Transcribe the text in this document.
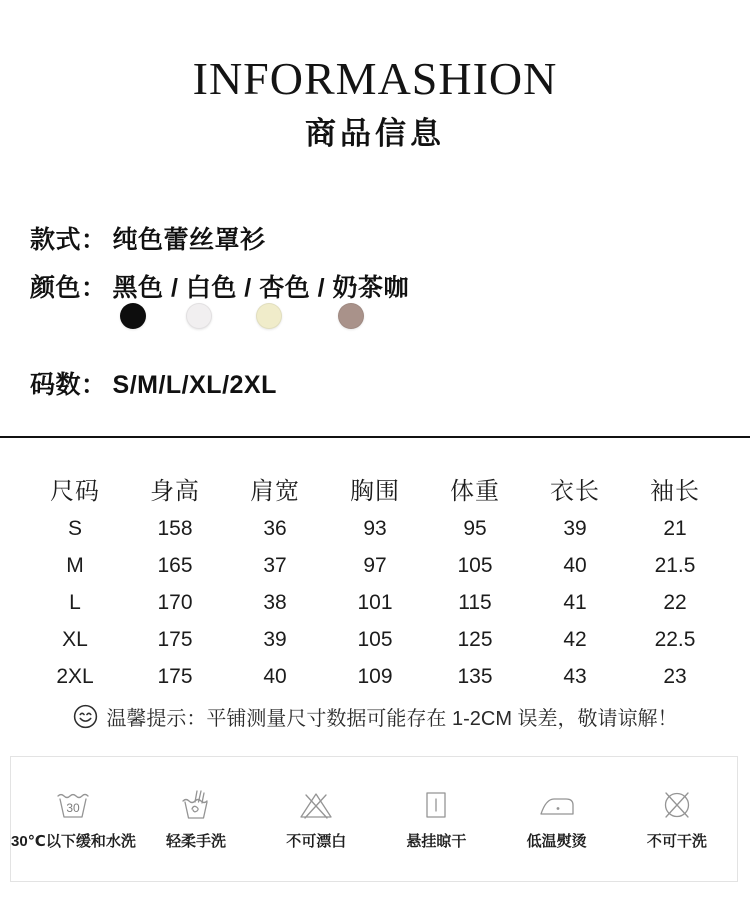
INFORMASHION
商品信息
款式： 纯色蕾丝罩衫
颜色： 黑色 / 白色 / 杏色 / 奶茶咖
码数： S/M/L/XL/2XL
尺码	身高	肩宽	胸围	体重	衣长	袖长
S	158	36	93	95	39	21
M	165	37	97	105	40	21.5
L	170	38	101	115	41	22
XL	175	39	105	125	42	22.5
2XL	175	40	109	135	43	23
温馨提示：平铺测量尺寸数据可能存在 1-2CM 误差，敬请谅解！
30
30℃以下缓和水洗 轻柔手洗	不可漂白	悬挂晾干	低温熨烫	不可干洗
